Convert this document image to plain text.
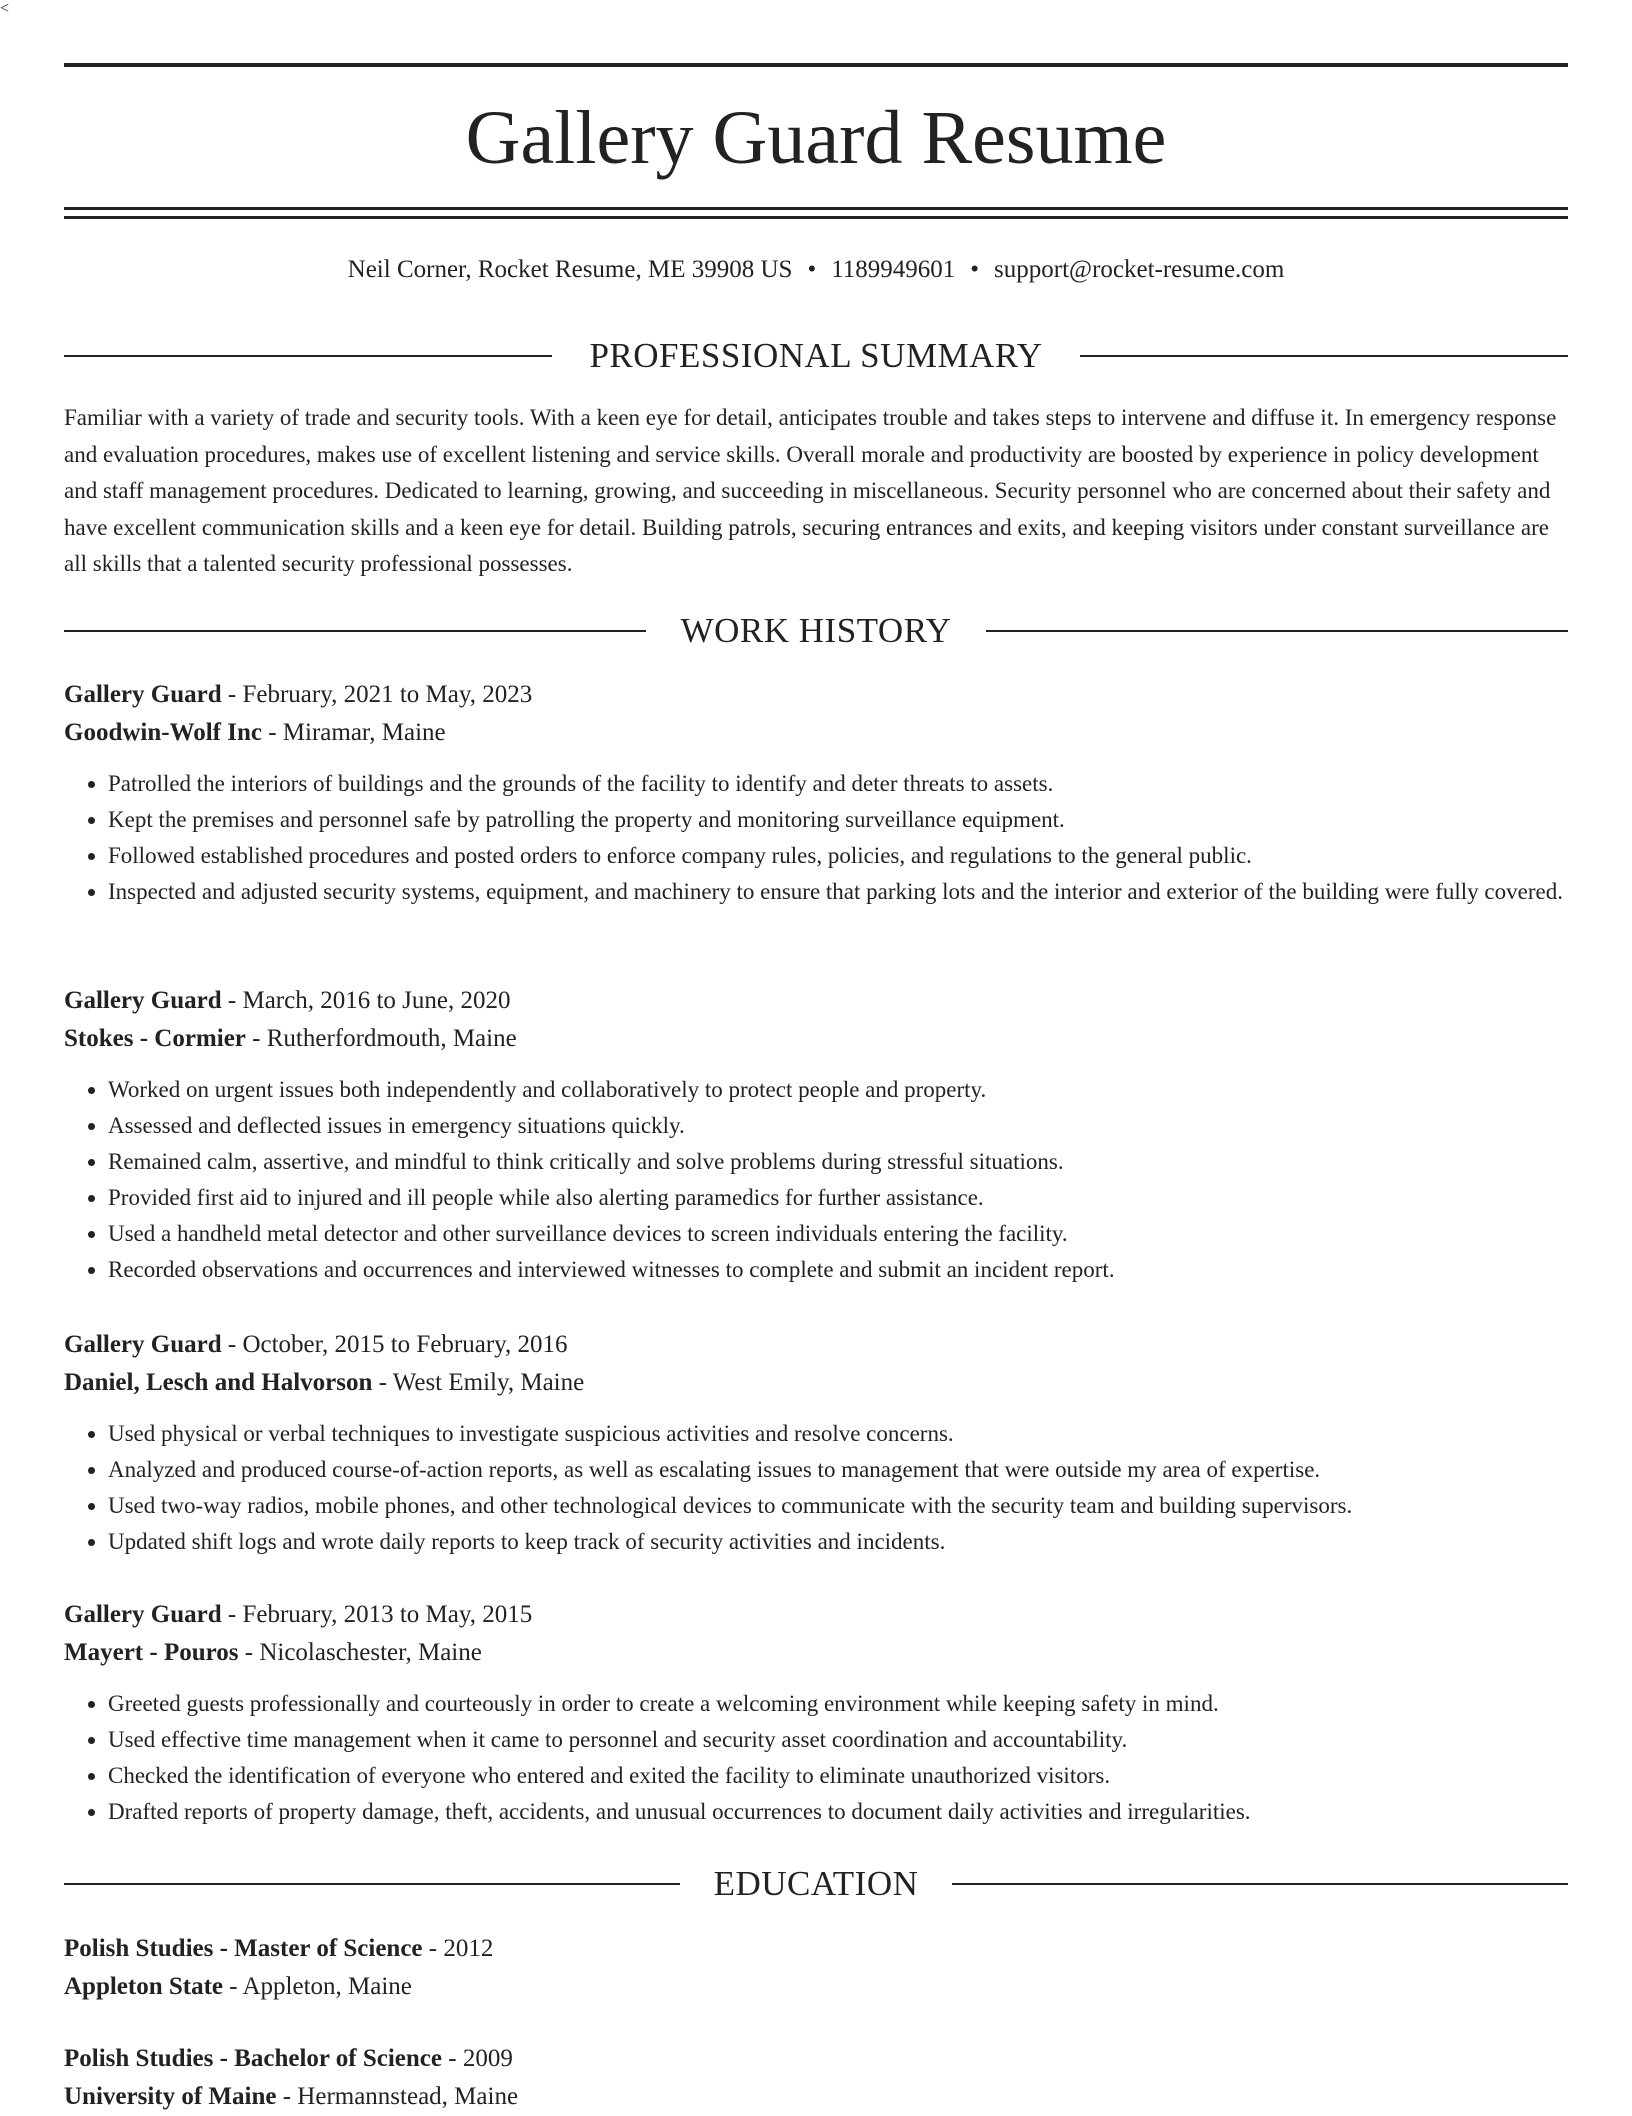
Gallery Guard Resume
Neil Corner, Rocket Resume, ME 39908 US • 1189949601 • support@rocket-resume.com
PROFESSIONAL SUMMARY

Familiar with a variety of trade and security tools. With a keen eye for detail, anticipates trouble and takes steps to intervene and diffuse it. In emergency response and evaluation procedures, makes use of excellent listening and service skills. Overall morale and productivity are boosted by experience in policy development and staff management procedures. Dedicated to learning, growing, and succeeding in miscellaneous. Security personnel who are concerned about their safety and have excellent communication skills and a keen eye for detail. Building patrols, securing entrances and exits, and keeping visitors under constant surveillance are all skills that a talented security professional possesses.

WORK HISTORY
Gallery Guard - February, 2021 to May, 2023
Goodwin-Wolf Inc - Miramar, Maine
• Patrolled the interiors of buildings and the grounds of the facility to identify and deter threats to assets.
• Kept the premises and personnel safe by patrolling the property and monitoring surveillance equipment.
• Followed established procedures and posted orders to enforce company rules, policies, and regulations to the general public.
• Inspected and adjusted security systems, equipment, and machinery to ensure that parking lots and the interior and exterior of the building were fully covered.
Gallery Guard - March, 2016 to June, 2020
Stokes - Cormier - Rutherfordmouth, Maine
• Worked on urgent issues both independently and collaboratively to protect people and property.
• Assessed and deflected issues in emergency situations quickly.
• Remained calm, assertive, and mindful to think critically and solve problems during stressful situations.
• Provided first aid to injured and ill people while also alerting paramedics for further assistance.
• Used a handheld metal detector and other surveillance devices to screen individuals entering the facility.
• Recorded observations and occurrences and interviewed witnesses to complete and submit an incident report.
Gallery Guard - October, 2015 to February, 2016
Daniel, Lesch and Halvorson - West Emily, Maine
• Used physical or verbal techniques to investigate suspicious activities and resolve concerns.
• Analyzed and produced course-of-action reports, as well as escalating issues to management that were outside my area of expertise.
• Used two-way radios, mobile phones, and other technological devices to communicate with the security team and building supervisors.
• Updated shift logs and wrote daily reports to keep track of security activities and incidents.
Gallery Guard - February, 2013 to May, 2015
Mayert - Pouros - Nicolaschester, Maine
• Greeted guests professionally and courteously in order to create a welcoming environment while keeping safety in mind.
• Used effective time management when it came to personnel and security asset coordination and accountability.
• Checked the identification of everyone who entered and exited the facility to eliminate unauthorized visitors.
• Drafted reports of property damage, theft, accidents, and unusual occurrences to document daily activities and irregularities.
<
EDUCATION
Polish Studies - Master of Science - 2012
Appleton State - Appleton, Maine
Polish Studies - Bachelor of Science - 2009
University of Maine - Hermannstead, Maine
